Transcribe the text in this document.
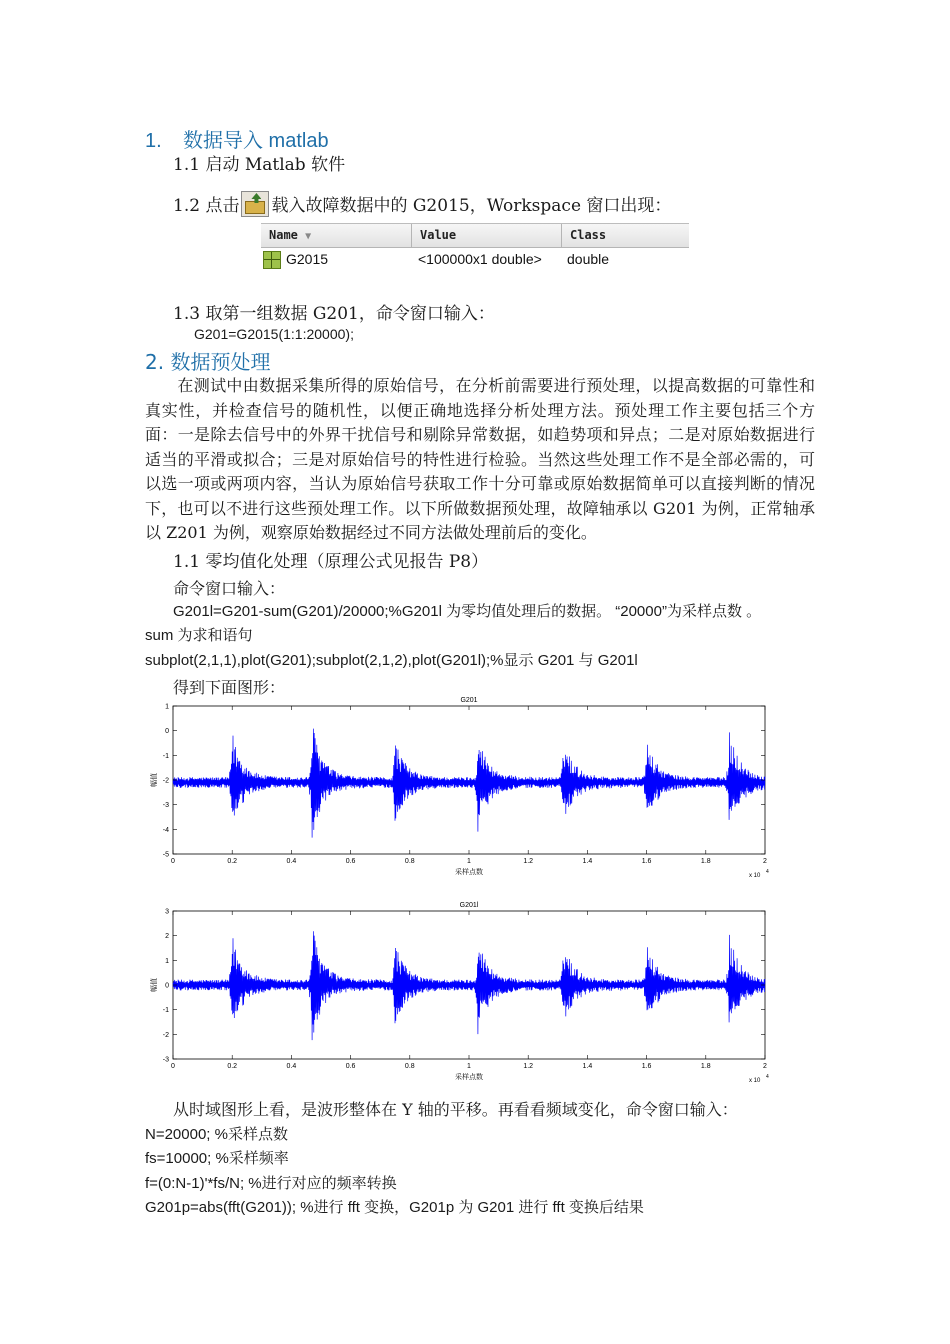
1. 数据导入 matlab
1.1 启动 Matlab 软件
1.2 点击 载入故障数据中的 G2015，Workspace 窗口出现：
Name ▼	Value	Class
G2015	<100000x1 double> double
1.3 取第一组数据 G201，命令窗口输入：
G201=G2015(1:1:20000);
2. 数据预处理
在测试中由数据采集所得的原始信号，在分析前需要进行预处理，以提高数据的可靠性和真实性，并检查信号的随机性，以便正确地选择分析处理方法。预处理工作主要包括三个方面：一是除去信号中的外界干扰信号和剔除异常数据，如趋势项和异点；二是对原始数据进行适当的平滑或拟合；三是对原始信号的特性进行检验。当然这些处理工作不是全部必需的，可以选一项或两项内容，当认为原始信号获取工作十分可靠或原始数据简单可以直接判断的情况下，也可以不进行这些预处理工作。以下所做数据预处理，故障轴承以 G201 为例，正常轴承以 Z201 为例，观察原始数据经过不同方法做处理前后的变化。
1.1 零均值化处理（原理公式见报告 P8）
命令窗口输入：
G201l=G201-sum(G201)/20000;%G201l 为零均值处理后的数据。 “20000”为采样点数 。
sum 为求和语句
subplot(2,1,1),plot(G201);subplot(2,1,2),plot(G201l);%显示 G201 与 G201l
得到下面图形：
0	0.2	0.4	0.6	0.8	1	1.2	1.4	1.6	1.8	2
1
0
-1
-2
-3
-4
-5
G201
采样点数
幅值
x 10
4
0	0.2	0.4	0.6	0.8	1	1.2	1.4	1.6	1.8	2
3
2
1
0
-1
-2
-3
G201l
采样点数
幅值
x 10
4
从时域图形上看，是波形整体在 Y 轴的平移。再看看频域变化，命令窗口输入：
N=20000; %采样点数
fs=10000; %采样频率
f=(0:N-1)'*fs/N; %进行对应的频率转换
G201p=abs(fft(G201)); %进行 fft 变换，G201p 为 G201 进行 fft 变换后结果
